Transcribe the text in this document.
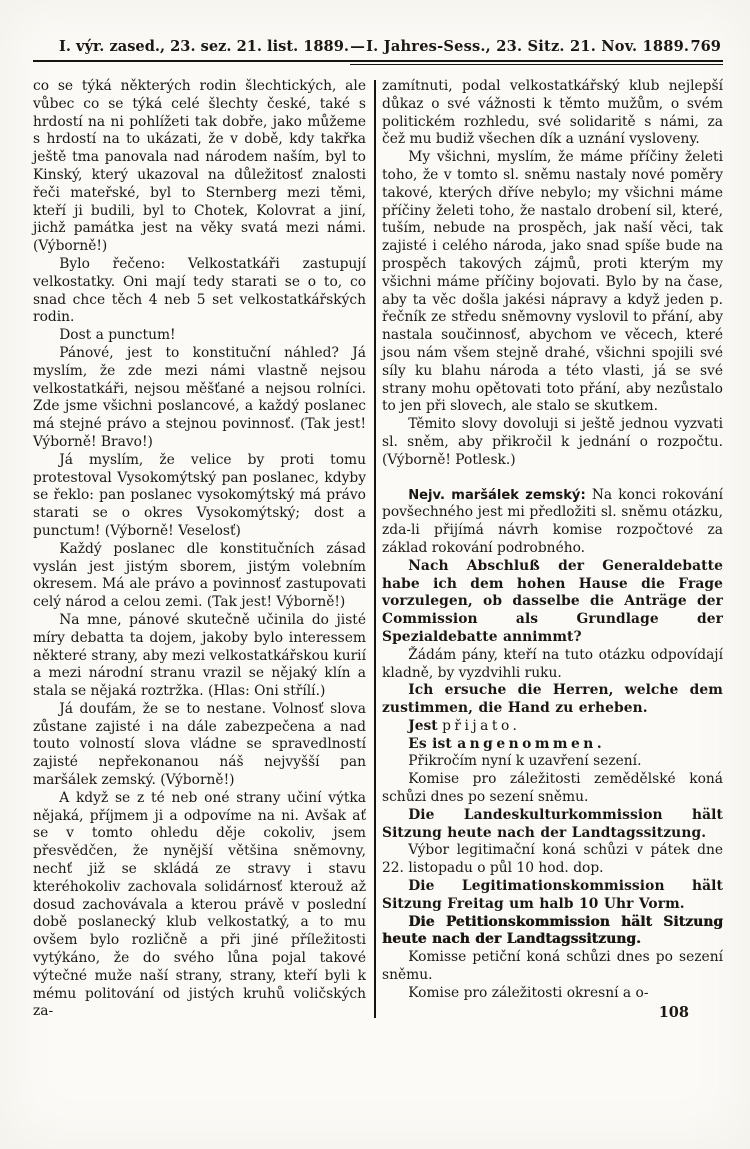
I. výr. zased., 23. sez. 21. list. 1889. — I. Jahres-Sess., 23. Sitz. 21. Nov. 1889. 769

co se týká některých rodin šlechtických, ale vůbec co se týká celé šlechty české, také s hrdostí na ni pohlížeti tak dobře, jako můžeme s hrdostí na to ukázati, že v době, kdy takřka ještě tma panovala nad národem naším, byl to Kinský, který ukazoval na důležitosť znalosti řeči mateřské, byl to Sternberg mezi těmi, kteří ji budili, byl to Chotek, Kolovrat a jiní, jichž památka jest na věky svatá mezi námi. (Výborně!)

Bylo řečeno: Velkostatkáři zastupují velkostatky. Oni mají tedy starati se o to, co snad chce těch 4 neb 5 set velkostatkářských rodin.

Dost a punctum!

Pánové, jest to konstituční náhled? Já myslím, že zde mezi námi vlastně nejsou velkostatkáři, nejsou měšťané a nejsou rolníci. Zde jsme všichni poslancové, a každý poslanec má stejné právo a stejnou povinnosť. (Tak jest! Výborně! Bravo!)

Já myslím, že velice by proti tomu protestoval Vysokomýtský pan poslanec, kdyby se řeklo: pan poslanec vysokomýtský má právo starati se o okres Vysokomýtský; dost a punctum! (Výborně! Veselosť)

Každý poslanec dle konstitučních zásad vyslán jest jistým sborem, jistým volebním okresem. Má ale právo a povinnosť zastupovati celý národ a celou zemi. (Tak jest! Výborně!)

Na mne, pánové skutečně učinila do jisté míry debatta ta dojem, jakoby bylo interessem některé strany, aby mezi velkostatkářskou kurií a mezi národní stranu vrazil se nějaký klín a stala se nějaká roztržka. (Hlas: Oni střílí.)

Já doufám, že se to nestane. Volnosť slova zůstane zajisté i na dále zabezpečena a nad touto volností slova vládne se spravedlností zajisté nepřekonanou náš nejvyšší pan maršálek zemský. (Výborně!)

A když se z té neb oné strany učiní výtka nějaká, příjmem ji a odpovíme na ni. Avšak ať se v tomto ohledu děje cokoliv, jsem přesvědčen, že nynější většina sněmovny, nechť již se skládá ze stravy i stavu kteréhokoliv zachovala solidárnosť kterouž až dosud zachovávala a kterou právě v poslední době poslanecký klub velkostatký, a to mu ovšem bylo rozličně a při jiné příležitosti vytýkáno, že do svého lůna pojal takové výtečné muže naší strany, strany, kteří byli k mému politování od jistých kruhů voličských za-

zamítnuti, podal velkostatkářský klub nejlepší důkaz o své vážnosti k těmto mužům, o svém politickém rozhledu, své solidaritě s námi, za čež mu budiž všechen dík a uznání vysloveny.

My všichni, myslím, že máme příčiny želeti toho, že v tomto sl. sněmu nastaly nové poměry takové, kterých dříve nebylo; my všichni máme příčiny želeti toho, že nastalo drobení sil, které, tuším, nebude na prospěch, jak naší věci, tak zajisté i celého národa, jako snad spíše bude na prospěch takových zájmů, proti kterým my všichni máme příčiny bojovati. Bylo by na čase, aby ta věc došla jakési nápravy a když jeden p. řečník ze středu sněmovny vyslovil to přání, aby nastala součinnosť, abychom ve věcech, které jsou nám všem stejně drahé, všichni spojili své síly ku blahu národa a této vlasti, já se své strany mohu opětovati toto přání, aby nezůstalo to jen při slovech, ale stalo se skutkem.

Těmito slovy dovoluji si ještě jednou vyzvati sl. sněm, aby přikročil k jednání o rozpočtu. (Výborně! Potlesk.)

Nejv. maršálek zemský: Na konci rokování povšechného jest mi předložiti sl. sněmu otázku, zda-li přijímá návrh komise rozpočtové za základ rokování podrobného.

Nach Abschluß der Generaldebatte habe ich dem hohen Hause die Frage vorzulegen, ob dasselbe die Anträge der Commission als Grundlage der Spezialdebatte annimmt?

Žádám pány, kteří na tuto otázku odpovídají kladně, by vyzdvihli ruku.

Ich ersuche die Herren, welche dem zustimmen, die Hand zu erheben.

Jest přijato.

Es ist angenommen.

Přikročím nyní k uzavření sezení.

Komise pro záležitosti zemědělské koná schůzi dnes po sezení sněmu.

Die Landeskulturkommission hält Sitzung heute nach der Landtagssitzung.

Výbor legitimační koná schůzi v pátek dne 22. listopadu o půl 10 hod. dop.

Die Legitimationskommission hält Sitzung Freitag um halb 10 Uhr Vorm.

Die Petitionskommission hält Sitzung heute nach der Landtagssitzung.

Komisse petiční koná schůzi dnes po sezení sněmu.

Komise pro záležitosti okresní a o-

108
